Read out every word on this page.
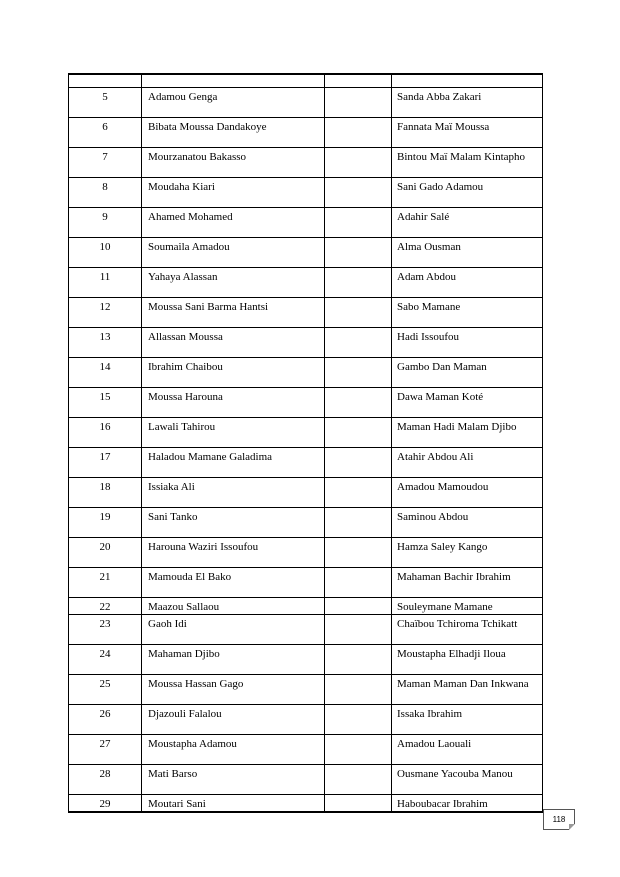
5	Adamou Genga		Sanda Abba Zakari
6	Bibata Moussa Dandakoye		Fannata Maï Moussa
7	Mourzanatou Bakasso		Bintou Maï Malam Kintapho
8	Moudaha Kiari		Sani Gado Adamou
9	Ahamed Mohamed		Adahir Salé
10	Soumaila Amadou		Alma Ousman
11	Yahaya Alassan		Adam Abdou
12	Moussa Sani Barma Hantsi		Sabo Mamane
13	Allassan Moussa		Hadi Issoufou
14	Ibrahim Chaibou		Gambo Dan Maman
15	Moussa Harouna		Dawa Maman Koté
16	Lawali Tahirou		Maman Hadi Malam Djibo
17	Haladou Mamane Galadima		Atahir Abdou Ali
18	Issiaka Ali		Amadou Mamoudou
19	Sani Tanko		Saminou Abdou
20	Harouna Waziri Issoufou		Hamza Saley Kango
21	Mamouda El Bako		Mahaman Bachir Ibrahim
22	Maazou Sallaou		Souleymane Mamane
23	Gaoh Idi		Chaïbou Tchiroma Tchikatt
24	Mahaman Djibo		Moustapha Elhadji Iloua
25	Moussa Hassan Gago		Maman Maman Dan Inkwana
26	Djazouli Falalou		Issaka Ibrahim
27	Moustapha Adamou		Amadou Laouali
28	Mati Barso		Ousmane Yacouba Manou
29	Moutari Sani		Haboubacar Ibrahim
118
